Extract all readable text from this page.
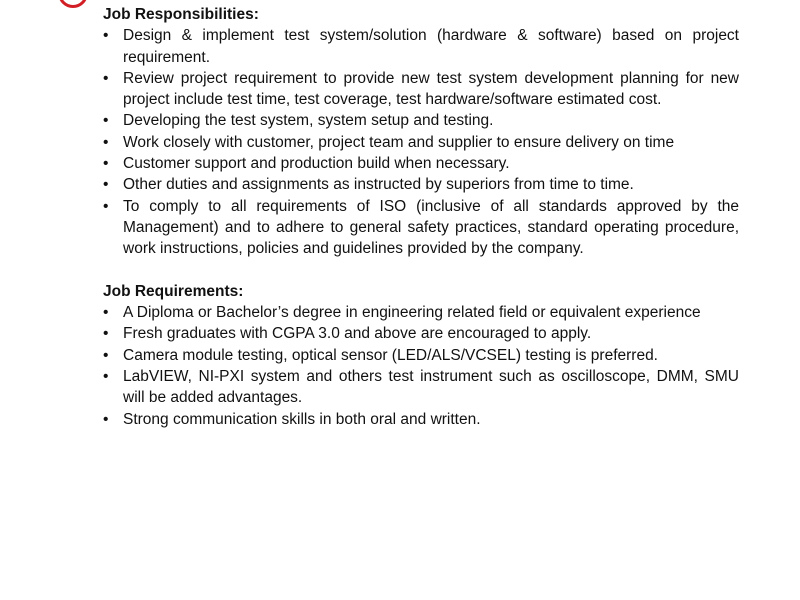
Job Responsibilities:

• Design & implement test system/solution (hardware & software) based on project requirement.
• Review project requirement to provide new test system development planning for new project include test time, test coverage, test hardware/software estimated cost.
• Developing the test system, system setup and testing.
• Work closely with customer, project team and supplier to ensure delivery on time
• Customer support and production build when necessary.
• Other duties and assignments as instructed by superiors from time to time.
• To comply to all requirements of ISO (inclusive of all standards approved by the Management) and to adhere to general safety practices, standard operating procedure, work instructions, policies and guidelines provided by the company.

Job Requirements:

• A Diploma or Bachelor’s degree in engineering related field or equivalent experience
• Fresh graduates with CGPA 3.0 and above are encouraged to apply.
• Camera module testing, optical sensor (LED/ALS/VCSEL) testing is preferred.
• LabVIEW, NI-PXI system and others test instrument such as oscilloscope, DMM, SMU will be added advantages.
• Strong communication skills in both oral and written.
